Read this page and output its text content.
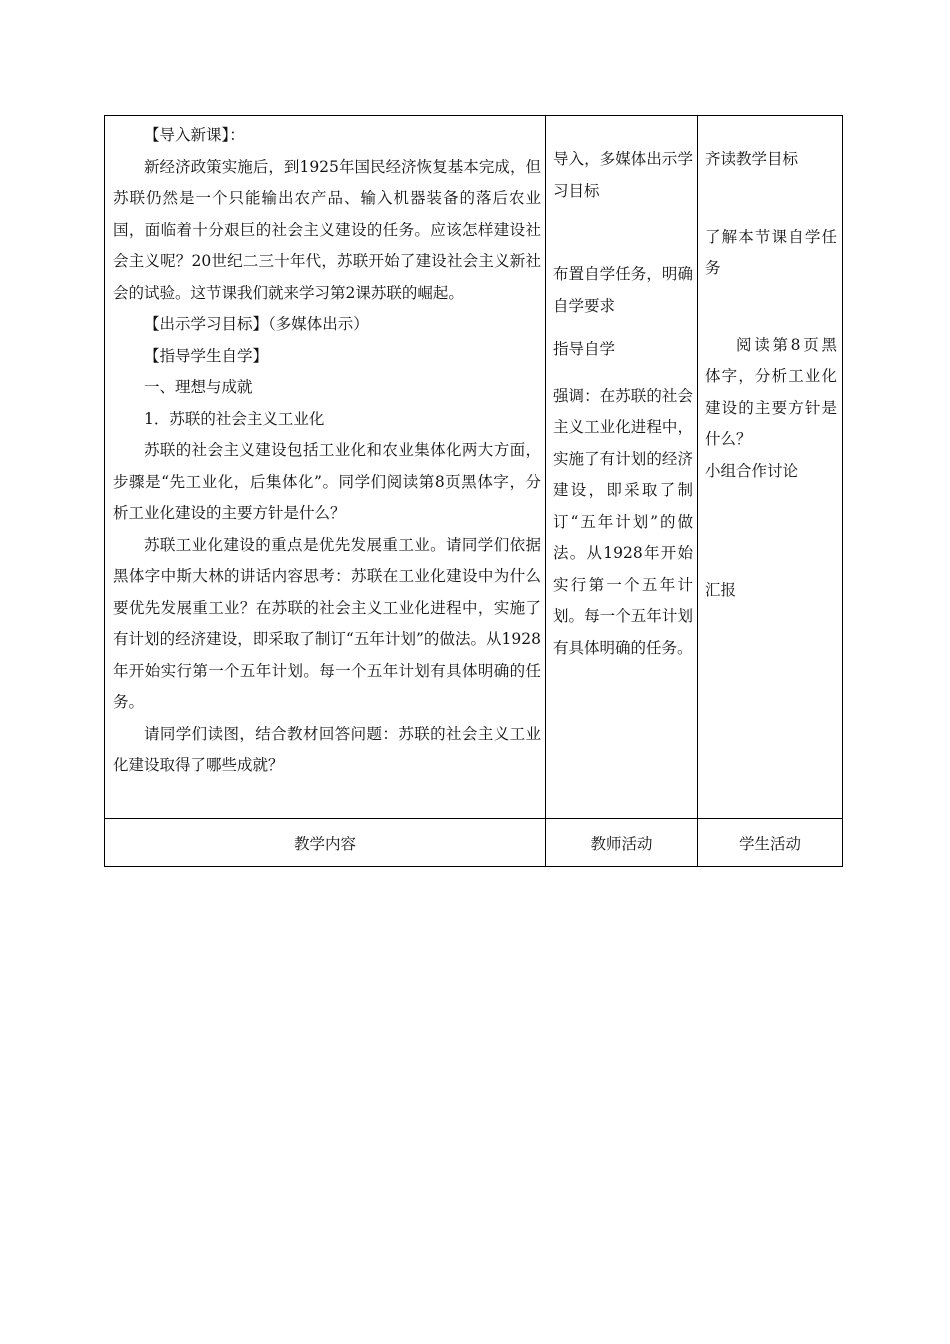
【导入新课】：

新经济政策实施后，到1925年国民经济恢复基本完成，但苏联仍然是一个只能输出农产品、输入机器装备的落后农业国，面临着十分艰巨的社会主义建设的任务。应该怎样建设社会主义呢？20世纪二三十年代，苏联开始了建设社会主义新社会的试验。这节课我们就来学习第2课苏联的崛起。

【出示学习目标】（多媒体出示）

【指导学生自学】

一、理想与成就

1．苏联的社会主义工业化

苏联的社会主义建设包括工业化和农业集体化两大方面，步骤是“先工业化，后集体化”。同学们阅读第8页黑体字，分析工业化建设的主要方针是什么？

苏联工业化建设的重点是优先发展重工业。请同学们依据黑体字中斯大林的讲话内容思考：苏联在工业化建设中为什么要优先发展重工业？在苏联的社会主义工业化进程中，实施了有计划的经济建设，即采取了制订“五年计划”的做法。从1928年开始实行第一个五年计划。每一个五年计划有具体明确的任务。

请同学们读图，结合教材回答问题：苏联的社会主义工业化建设取得了哪些成就？

导入，多媒体出示学习目标

布置自学任务，明确自学要求

指导自学

强调：在苏联的社会主义工业化进程中，实施了有计划的经济建设，即采取了制订“五年计划”的做法。从1928年开始实行第一个五年计划。每一个五年计划有具体明确的任务。

齐读教学目标

了解本节课自学任务

阅读第8页黑体字，分析工业化建设的主要方针是什么？

小组合作讨论

汇报

教学内容	教师活动	学生活动
